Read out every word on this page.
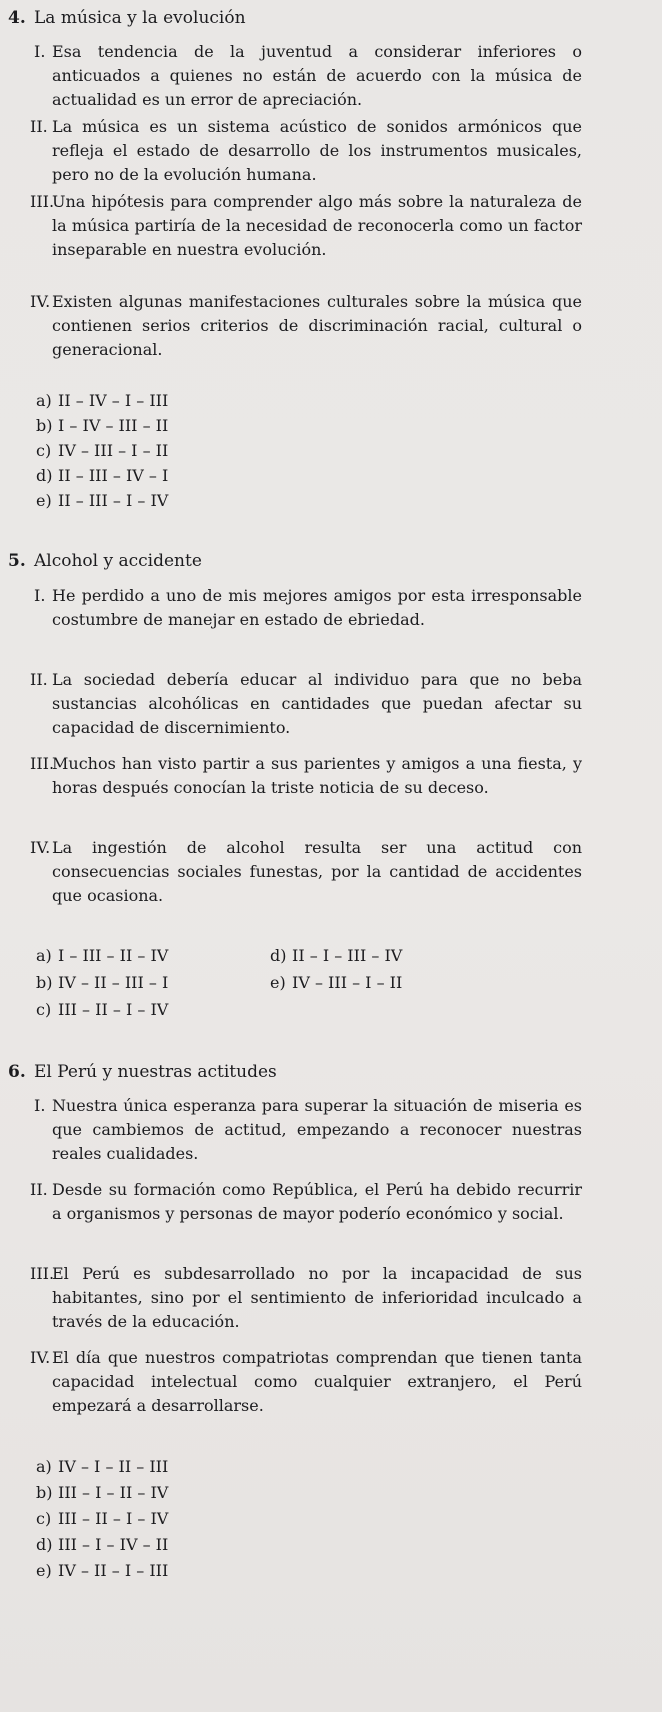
4. La música y la evolución
I. Esa tendencia de la juventud a considerar inferiores o anticuados a quienes no están de acuerdo con la música de actualidad es un error de apreciación.
II. La música es un sistema acústico de sonidos armónicos que refleja el estado de desarrollo de los instrumentos musicales, pero no de la evolución humana.
III.
Una hipótesis para comprender algo más sobre la naturaleza de la música partiría de la necesidad de reconocerla como un factor inseparable en nuestra evolución.
IV. Existen algunas manifestaciones culturales sobre la música que contienen serios criterios de discriminación racial, cultural o generacional.
a) II – IV – I – III
b) I – IV – III – II
c) IV – III – I – II
d) II – III – IV – I
e) II – III – I – IV
5. Alcohol y accidente
I. He perdido a uno de mis mejores amigos por esta irresponsable costumbre de manejar en estado de ebriedad.
II. La sociedad debería educar al individuo para que no beba sustancias alcohólicas en cantidades que puedan afectar su capacidad de discernimiento.
III.
Muchos han visto partir a sus parientes y amigos a una fiesta, y horas después conocían la triste noticia de su deceso.
IV. La ingestión de alcohol resulta ser una actitud con consecuencias sociales funestas, por la cantidad de accidentes que ocasiona.
a) I – III – II – IV	d) II – I – III – IV
b) IV – II – III – I	e) IV – III – I – II
c) III – II – I – IV
6. El Perú y nuestras actitudes
I. Nuestra única esperanza para superar la situación de miseria es que cambiemos de actitud, empezando a reconocer nuestras reales cualidades.
II. Desde su formación como República, el Perú ha debido recurrir a organismos y personas de mayor poderío económico y social.
III.
El Perú es subdesarrollado no por la incapacidad de sus habitantes, sino por el sentimiento de inferioridad inculcado a través de la educación.
IV. El día que nuestros compatriotas comprendan que tienen tanta capacidad intelectual como cualquier extranjero, el Perú empezará a desarrollarse.
a) IV – I – II – III
b) III – I – II – IV
c) III – II – I – IV
d) III – I – IV – II
e) IV – II – I – III
